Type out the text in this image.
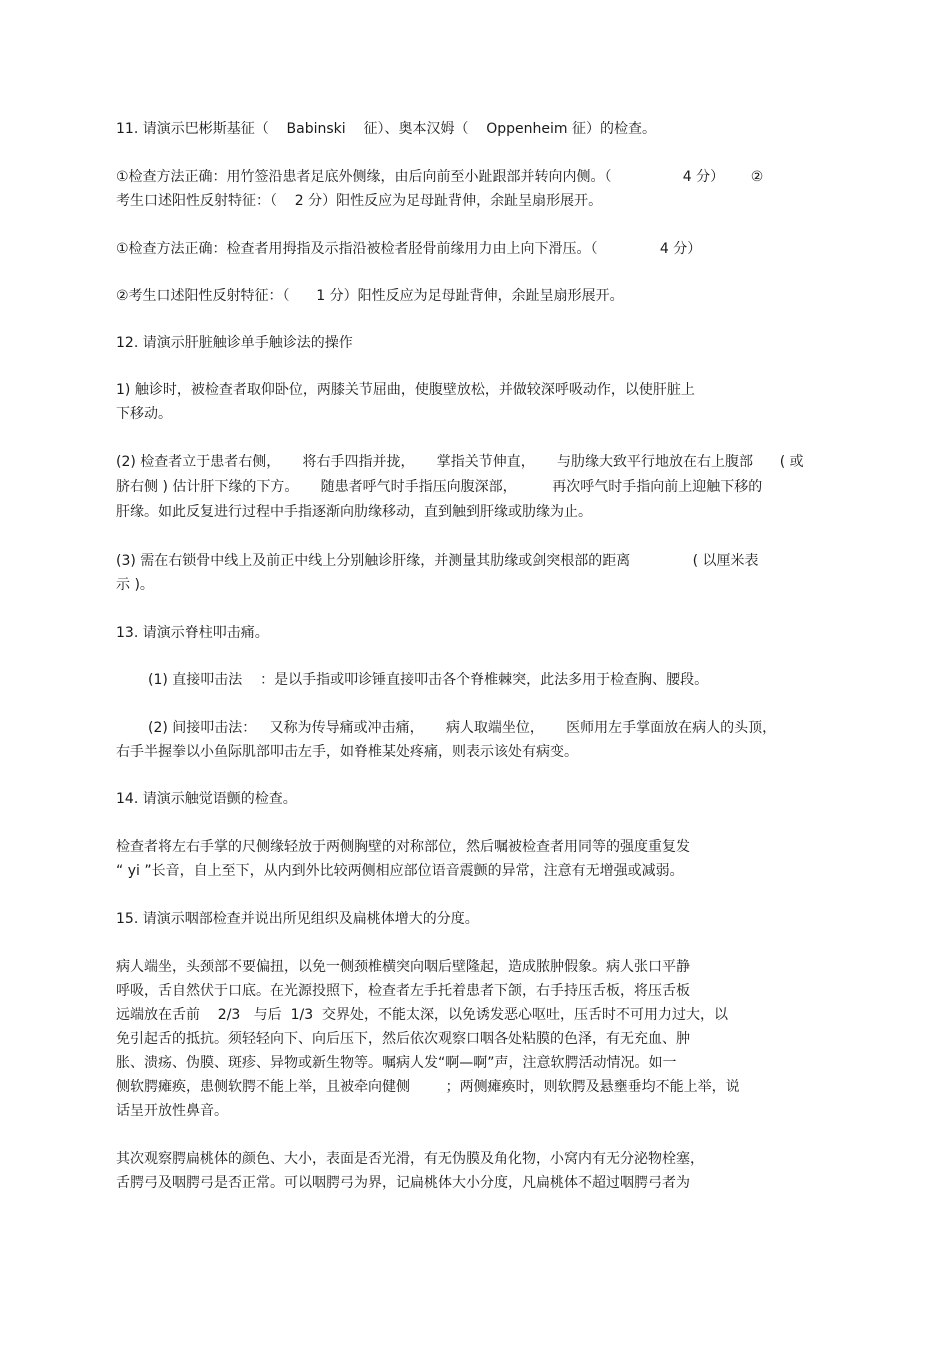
11. 请演示巴彬斯基征（    Babinski    征）、奥本汉姆（    Oppenheim 征）的检查。
①检查方法正确：用竹签沿患者足底外侧缘，由后向前至小趾跟部并转向内侧。（                4 分）      ②
考生口述阳性反射特征：（    2 分）阳性反应为足母趾背伸，余趾呈扇形展开。
①检查方法正确：检查者用拇指及示指沿被检者胫骨前缘用力由上向下滑压。（              4 分）
②考生口述阳性反射特征：（      1 分）阳性反应为足母趾背伸，余趾呈扇形展开。
12. 请演示肝脏触诊单手触诊法的操作
1) 触诊时，被检查者取仰卧位，两膝关节屈曲，使腹壁放松，并做较深呼吸动作，以使肝脏上
下移动。
(2) 检查者立于患者右侧，     将右手四指并拢，     掌指关节伸直，     与肋缘大致平行地放在右上腹部      ( 或
脐右侧 ) 估计肝下缘的下方。     随患者呼气时手指压向腹深部，        再次呼气时手指向前上迎触下移的
肝缘。如此反复进行过程中手指逐渐向肋缘移动，直到触到肝缘或肋缘为止。
(3) 需在右锁骨中线上及前正中线上分别触诊肝缘，并测量其肋缘或剑突根部的距离              ( 以厘米表
示 )。
13. 请演示脊柱叩击痛。
(1) 直接叩击法    ：是以手指或叩诊锤直接叩击各个脊椎棘突，此法多用于检查胸、腰段。
(2) 间接叩击法：   又称为传导痛或冲击痛，     病人取端坐位，     医师用左手掌面放在病人的头顶，
右手半握拳以小鱼际肌部叩击左手，如脊椎某处疼痛，则表示该处有病变。
14. 请演示触觉语颤的检查。
检查者将左右手掌的尺侧缘轻放于两侧胸壁的对称部位，然后嘱被检查者用同等的强度重复发
“ yi ”长音，自上至下，从内到外比较两侧相应部位语音震颤的异常，注意有无增强或减弱。
15. 请演示咽部检查并说出所见组织及扁桃体增大的分度。
病人端坐，头颈部不要偏扭，以免一侧颈椎横突向咽后壁隆起，造成脓肿假象。病人张口平静
呼吸，舌自然伏于口底。在光源投照下，检查者左手托着患者下颌，右手持压舌板，将压舌板
远端放在舌前    2/3   与后  1/3  交界处，不能太深，以免诱发恶心呕吐，压舌时不可用力过大，以
免引起舌的抵抗。须轻轻向下、向后压下，然后依次观察口咽各处粘膜的色泽，有无充血、肿
胀、溃疡、伪膜、斑疹、异物或新生物等。嘱病人发“啊—啊”声，注意软腭活动情况。如一
侧软腭瘫痪，患侧软腭不能上举，且被牵向健侧        ；两侧瘫痪时，则软腭及悬壅垂均不能上举，说
话呈开放性鼻音。
其次观察腭扁桃体的颜色、大小，表面是否光滑，有无伪膜及角化物，小窝内有无分泌物栓塞，
舌腭弓及咽腭弓是否正常。可以咽腭弓为界，记扁桃体大小分度，凡扁桃体不超过咽腭弓者为
